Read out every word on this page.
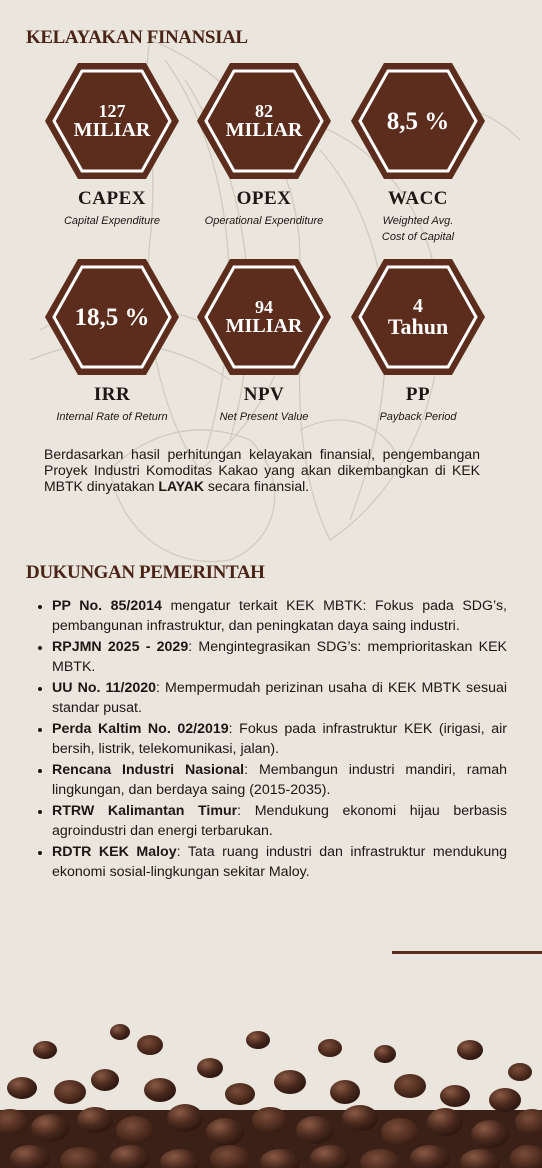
KELAYAKAN FINANSIAL
127
MILIAR
CAPEX
Capital Expenditure
82
MILIAR
OPEX
Operational Expenditure
8,5 %
WACC
Weighted Avg.
Cost of Capital
18,5 %
IRR
Internal Rate of Return
94
MILIAR
NPV
Net Present Value
4
Tahun
PP
Payback Period
Berdasarkan hasil perhitungan kelayakan finansial, pengembangan Proyek Industri Komoditas Kakao yang akan dikembangkan di KEK MBTK dinyatakan LAYAK secara finansial.
DUKUNGAN PEMERINTAH
• PP No. 85/2014 mengatur terkait KEK MBTK: Fokus pada SDG’s, pembangunan infrastruktur, dan peningkatan daya saing industri.
• RPJMN 2025 - 2029: Mengintegrasikan SDG’s: memprioritaskan KEK MBTK.
• UU No. 11/2020: Mempermudah perizinan usaha di KEK MBTK sesuai standar pusat.
• Perda Kaltim No. 02/2019: Fokus pada infrastruktur KEK (irigasi, air bersih, listrik, telekomunikasi, jalan).
• Rencana Industri Nasional: Membangun industri mandiri, ramah lingkungan, dan berdaya saing (2015-2035).
• RTRW Kalimantan Timur: Mendukung ekonomi hijau berbasis agroindustri dan energi terbarukan.
• RDTR KEK Maloy: Tata ruang industri dan infrastruktur mendukung ekonomi sosial-lingkungan sekitar Maloy.
